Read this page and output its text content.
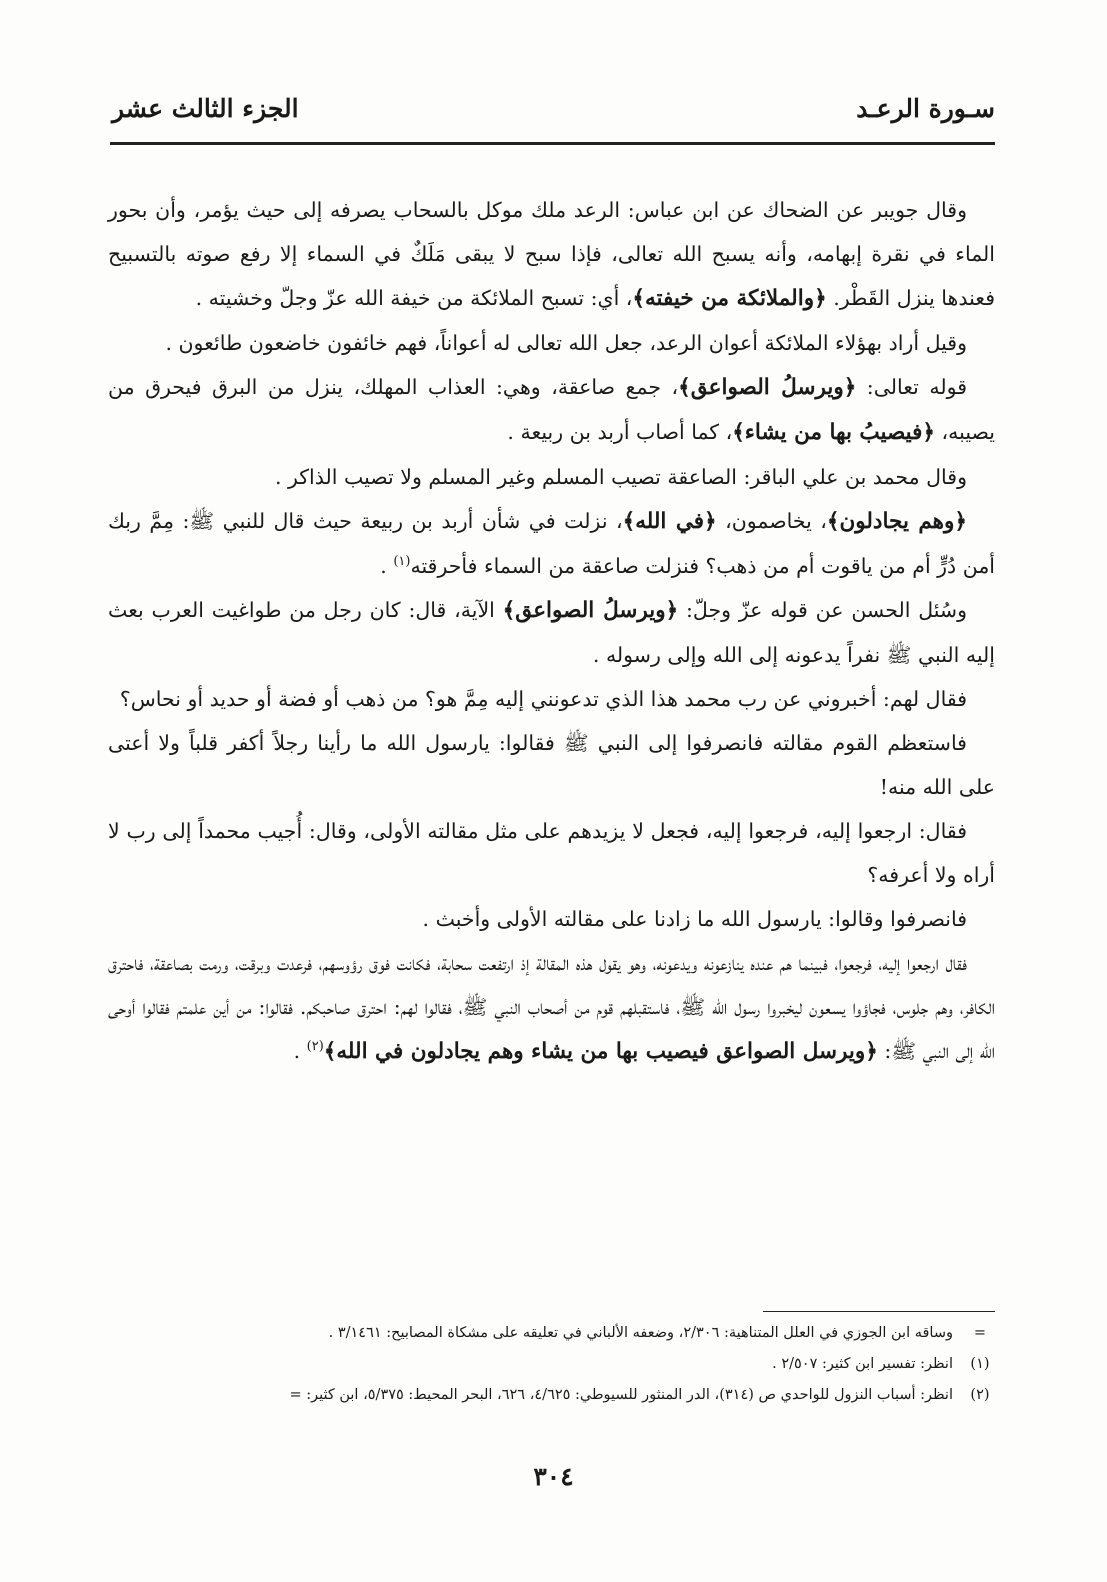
سـورة الرعـد
الجزء الثالث عشر

وقال جويبر عن الضحاك عن ابن عباس: الرعد ملك موكل بالسحاب يصرفه إلى حيث يؤمر، وأن بحور الماء في نقرة إبهامه، وأنه يسبح الله تعالى، فإذا سبح لا يبقى مَلَكٌ في السماء إلا رفع صوته بالتسبيح فعندها ينزل القَطْر. ﴿والملائكة من خيفته﴾، أي: تسبح الملائكة من خيفة الله عزّ وجلّ وخشيته .

وقيل أراد بهؤلاء الملائكة أعوان الرعد، جعل الله تعالى له أعواناً، فهم خائفون خاضعون طائعون .

قوله تعالى: ﴿ويرسلُ الصواعق﴾، جمع صاعقة، وهي: العذاب المهلك، ينزل من البرق فيحرق من يصيبه، ﴿فيصيبُ بها من يشاء﴾، كما أصاب أربد بن ربيعة .

وقال محمد بن علي الباقر: الصاعقة تصيب المسلم وغير المسلم ولا تصيب الذاكر .

﴿وهم يجادلون﴾، يخاصمون، ﴿في الله﴾، نزلت في شأن أربد بن ربيعة حيث قال للنبي ﷺ: مِمَّ ربك أمن دُرٍّ أم من ياقوت أم من ذهب؟ فنزلت صاعقة من السماء فأحرقته$^{(١)}$ .

وسُئل الحسن عن قوله عزّ وجلّ: ﴿ويرسلُ الصواعق﴾ الآية، قال: كان رجل من طواغيت العرب بعث إليه النبي ﷺ نفراً يدعونه إلى الله وإلى رسوله .

فقال لهم: أخبروني عن رب محمد هذا الذي تدعونني إليه مِمَّ هو؟ من ذهب أو فضة أو حديد أو نحاس؟

فاستعظم القوم مقالته فانصرفوا إلى النبي ﷺ فقالوا: يارسول الله ما رأينا رجلاً أكفر قلباً ولا أعتى على الله منه!

فقال: ارجعوا إليه، فرجعوا إليه، فجعل لا يزيدهم على مثل مقالته الأولى، وقال: أُجيب محمداً إلى رب لا أراه ولا أعرفه؟

فانصرفوا وقالوا: يارسول الله ما زادنا على مقالته الأولى وأخبث .

فقال ارجعوا إليه، فرجعوا، فبينما هم عنده ينازعونه ويدعونه، وهو يقول هذه المقالة إذ ارتفعت سحابة، فكانت فوق رؤوسهم، فرعدت وبرقت، ورمت بصاعقة، فاحترق الكافر، وهم جلوس، فجاؤوا يسعون ليخبروا رسول الله ﷺ، فاستقبلهم قوم من أصحاب النبي ﷺ، فقالوا لهم: احترق صاحبكم. فقالوا: من أين علمتم فقالوا أوحى الله إلى النبي ﷺ: ﴿ويرسل الصواعق فيصيب بها من يشاء وهم يجادلون في الله﴾$^{(٢)}$ .

=
وساقه ابن الجوزي في العلل المتناهية: ٢/٣٠٦، وضعفه الألباني في تعليقه على مشكاة المصابيح: ٣/١٤٦١ .
(١)
انظر: تفسير ابن كثير: ٢/٥٠٧ .
(٢)
انظر: أسباب النزول للواحدي ص (٣١٤)، الدر المنثور للسيوطي: ٤/٦٢٥، ٦٢٦، البحر المحيط: ٥/٣٧٥، ابن كثير: =
٣٠٤
